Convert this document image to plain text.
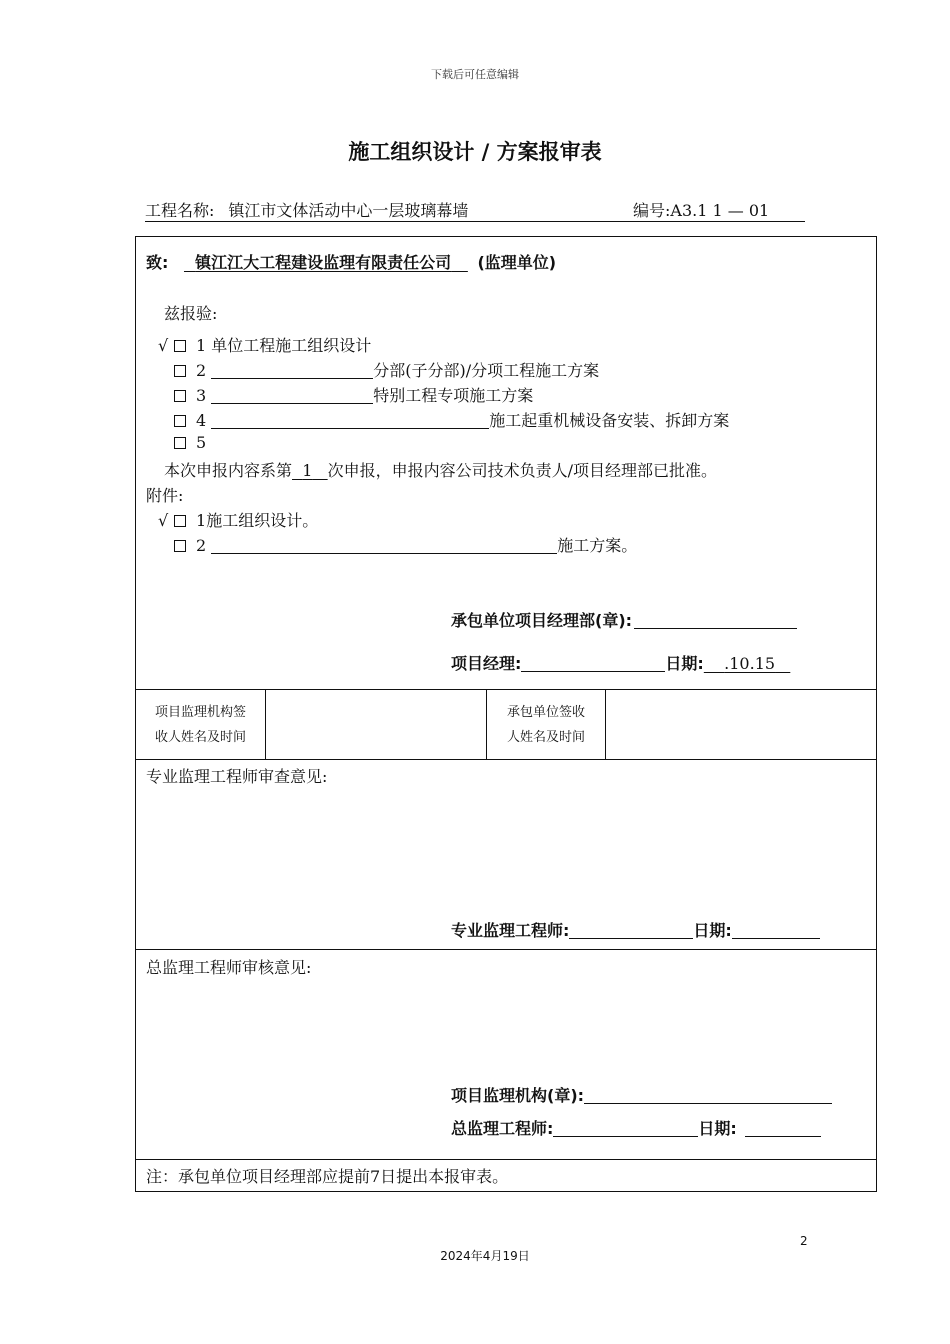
下载后可任意编辑
施工组织设计 / 方案报审表
工程名称: 镇江市文体活动中心一层玻璃幕墙	编号:A3.1 1 — 01
致: 镇江江大工程建设监理有限责任公司 (监理单位)
兹报验:
√ 1 单位工程施工组织设计
2	分部(子分部)/分项工程施工方案
3	特别工程专项施工方案
4	施工起重机械设备安装、拆卸方案
5
本次申报内容系第 1 次申报，申报内容公司技术负责人/项目经理部已批准。
附件:
√ 1施工组织设计。
2	施工方案。
承包单位项目经理部(章):
项目经理:	日期: .10.15
项目监理机构签收人姓名及时间
承包单位签收人姓名及时间
专业监理工程师审查意见:
专业监理工程师:	日期:
总监理工程师审核意见:
项目监理机构(章):
总监理工程师:	日期:
注：承包单位项目经理部应提前7日提出本报审表。
2
2024年4月19日
